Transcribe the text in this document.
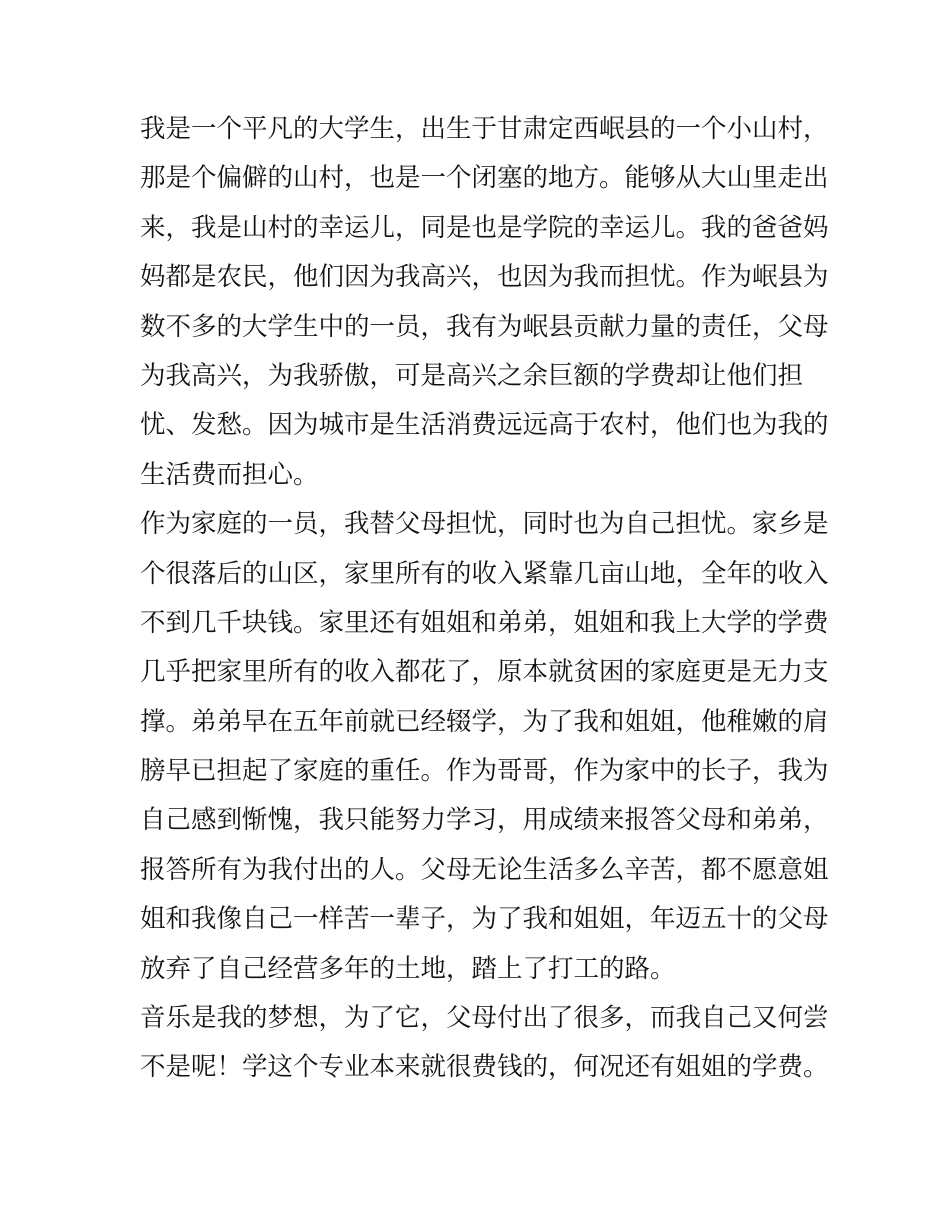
我是一个平凡的大学生，出生于甘肃定西岷县的一个小山村，
那是个偏僻的山村，也是一个闭塞的地方。能够从大山里走出
来，我是山村的幸运儿，同是也是学院的幸运儿。我的爸爸妈
妈都是农民，他们因为我高兴，也因为我而担忧。作为岷县为
数不多的大学生中的一员，我有为岷县贡献力量的责任，父母
为我高兴，为我骄傲，可是高兴之余巨额的学费却让他们担
忧、发愁。因为城市是生活消费远远高于农村，他们也为我的
生活费而担心。
作为家庭的一员，我替父母担忧，同时也为自己担忧。家乡是
个很落后的山区，家里所有的收入紧靠几亩山地，全年的收入
不到几千块钱。家里还有姐姐和弟弟，姐姐和我上大学的学费
几乎把家里所有的收入都花了，原本就贫困的家庭更是无力支
撑。弟弟早在五年前就已经辍学，为了我和姐姐，他稚嫩的肩
膀早已担起了家庭的重任。作为哥哥，作为家中的长子，我为
自己感到惭愧，我只能努力学习，用成绩来报答父母和弟弟，
报答所有为我付出的人。父母无论生活多么辛苦，都不愿意姐
姐和我像自己一样苦一辈子，为了我和姐姐，年迈五十的父母
放弃了自己经营多年的土地，踏上了打工的路。
音乐是我的梦想，为了它，父母付出了很多，而我自己又何尝
不是呢！学这个专业本来就很费钱的，何况还有姐姐的学费。
